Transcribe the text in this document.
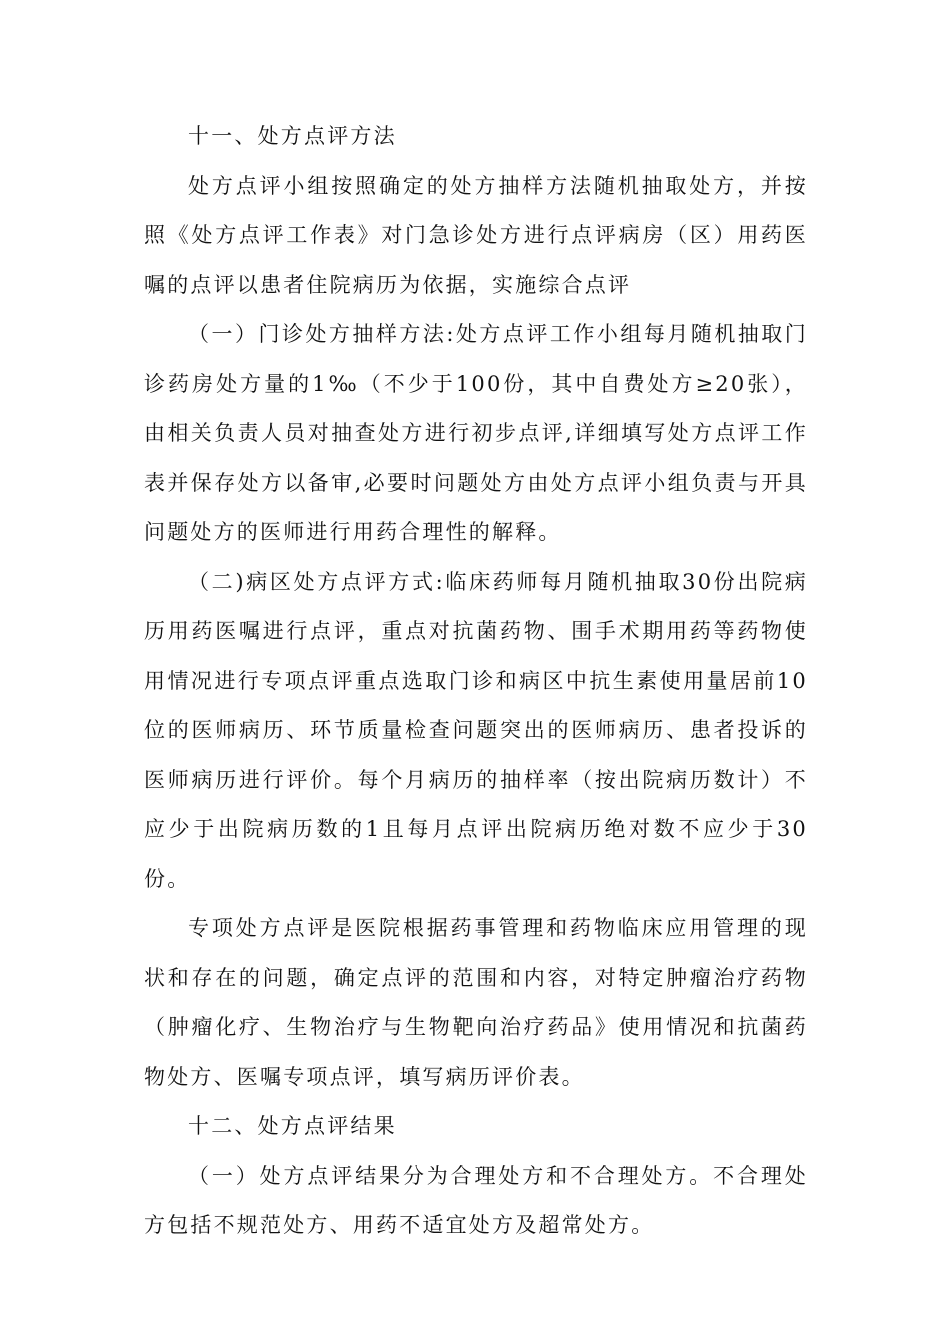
十一、处方点评方法

处方点评小组按照确定的处方抽样方法随机抽取处方，并按照《处方点评工作表》对门急诊处方进行点评病房（区）用药医嘱的点评以患者住院病历为依据，实施综合点评

（一）门诊处方抽样方法:处方点评工作小组每月随机抽取门诊药房处方量的1‰（不少于100份，其中自费处方≥20张），由相关负责人员对抽查处方进行初步点评,详细填写处方点评工作表并保存处方以备审,必要时问题处方由处方点评小组负责与开具问题处方的医师进行用药合理性的解释。

（二)病区处方点评方式:临床药师每月随机抽取30份出院病历用药医嘱进行点评，重点对抗菌药物、围手术期用药等药物使用情况进行专项点评重点选取门诊和病区中抗生素使用量居前10位的医师病历、环节质量检查问题突出的医师病历、患者投诉的医师病历进行评价。每个月病历的抽样率（按出院病历数计）不应少于出院病历数的1且每月点评出院病历绝对数不应少于30份。

专项处方点评是医院根据药事管理和药物临床应用管理的现状和存在的问题，确定点评的范围和内容，对特定肿瘤治疗药物（肿瘤化疗、生物治疗与生物靶向治疗药品》使用情况和抗菌药物处方、医嘱专项点评，填写病历评价表。

十二、处方点评结果

（一）处方点评结果分为合理处方和不合理处方。不合理处方包括不规范处方、用药不适宜处方及超常处方。
